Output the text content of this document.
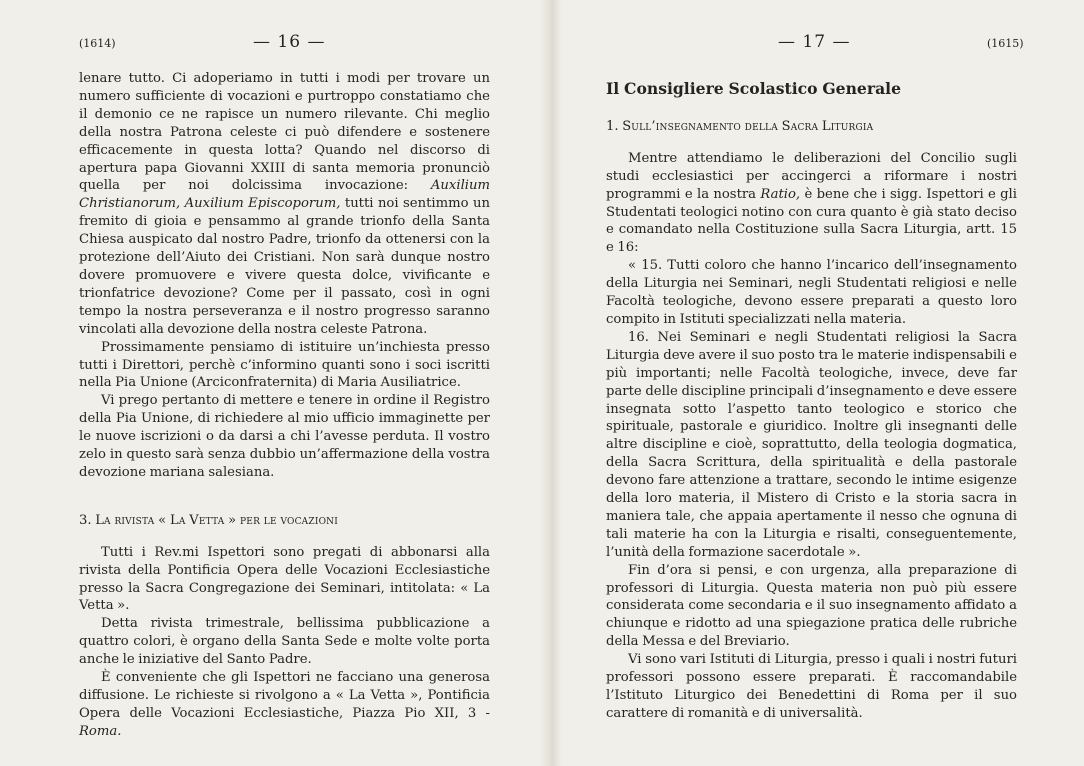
(1614)	— 16 —

lenare tutto. Ci adoperiamo in tutti i modi per trovare un numero sufficiente di vocazioni e purtroppo constatiamo che il demonio ce ne rapisce un numero rilevante. Chi meglio della nostra Patrona celeste ci può difendere e sostenere efficacemente in questa lotta? Quando nel discorso di apertura papa Giovanni XXIII di santa memoria pronunciò quella per noi dolcissima invocazione: Auxilium Christianorum, Auxilium Episcoporum, tutti noi sentimmo un fremito di gioia e pensammo al grande trionfo della Santa Chiesa auspicato dal nostro Padre, trionfo da ottenersi con la protezione dell’Aiuto dei Cristiani. Non sarà dunque nostro dovere promuovere e vivere questa dolce, vivificante e trionfatrice devozione? Come per il passato, così in ogni tempo la nostra perseveranza e il nostro progresso saranno vincolati alla devozione della nostra celeste Patrona.

Prossimamente pensiamo di istituire un’inchiesta presso tutti i Direttori, perchè c’informino quanti sono i soci iscritti nella Pia Unione (Arciconfraternita) di Maria Ausiliatrice.

Vi prego pertanto di mettere e tenere in ordine il Registro della Pia Unione, di richiedere al mio ufficio immaginette per le nuove iscrizioni o da darsi a chi l’avesse perduta. Il vostro zelo in questo sarà senza dubbio un’affermazione della vostra devozione mariana salesiana.

3. La rivista « La Vetta » per le vocazioni

Tutti i Rev.mi Ispettori sono pregati di abbonarsi alla rivista della Pontificia Opera delle Vocazioni Ecclesiastiche presso la Sacra Congregazione dei Seminari, intitolata: « La Vetta ».

Detta rivista trimestrale, bellissima pubblicazione a quattro colori, è organo della Santa Sede e molte volte porta anche le iniziative del Santo Padre.

È conveniente che gli Ispettori ne facciano una generosa diffusione. Le richieste si rivolgono a « La Vetta », Pontificia Opera delle Vocazioni Ecclesiastiche, Piazza Pio XII, 3 - Roma.

— 17 —	(1615)
Il Consigliere Scolastico Generale

1. Sull’insegnamento della Sacra Liturgia

Mentre attendiamo le deliberazioni del Concilio sugli studi ecclesiastici per accingerci a riformare i nostri programmi e la nostra Ratio, è bene che i sigg. Ispettori e gli Studentati teologici notino con cura quanto è già stato deciso e comandato nella Costituzione sulla Sacra Liturgia, artt. 15 e 16:

« 15. Tutti coloro che hanno l’incarico dell’insegnamento della Liturgia nei Seminari, negli Studentati religiosi e nelle Facoltà teologiche, devono essere preparati a questo loro compito in Istituti specializzati nella materia.

16. Nei Seminari e negli Studentati religiosi la Sacra Liturgia deve avere il suo posto tra le materie indispensabili e più importanti; nelle Facoltà teologiche, invece, deve far parte delle discipline principali d’insegnamento e deve essere insegnata sotto l’aspetto tanto teologico e storico che spirituale, pastorale e giuridico. Inoltre gli insegnanti delle altre discipline e cioè, soprattutto, della teologia dogmatica, della Sacra Scrittura, della spiritualità e della pastorale devono fare attenzione a trattare, secondo le intime esigenze della loro materia, il Mistero di Cristo e la storia sacra in maniera tale, che appaia apertamente il nesso che ognuna di tali materie ha con la Liturgia e risalti, conseguentemente, l’unità della formazione sacerdotale ».

Fin d’ora si pensi, e con urgenza, alla preparazione di professori di Liturgia. Questa materia non può più essere considerata come secondaria e il suo insegnamento affidato a chiunque e ridotto ad una spiegazione pratica delle rubriche della Messa e del Breviario.

Vi sono vari Istituti di Liturgia, presso i quali i nostri futuri professori possono essere preparati. È raccomandabile l’Istituto Liturgico dei Benedettini di Roma per il suo carattere di romanità e di universalità.
